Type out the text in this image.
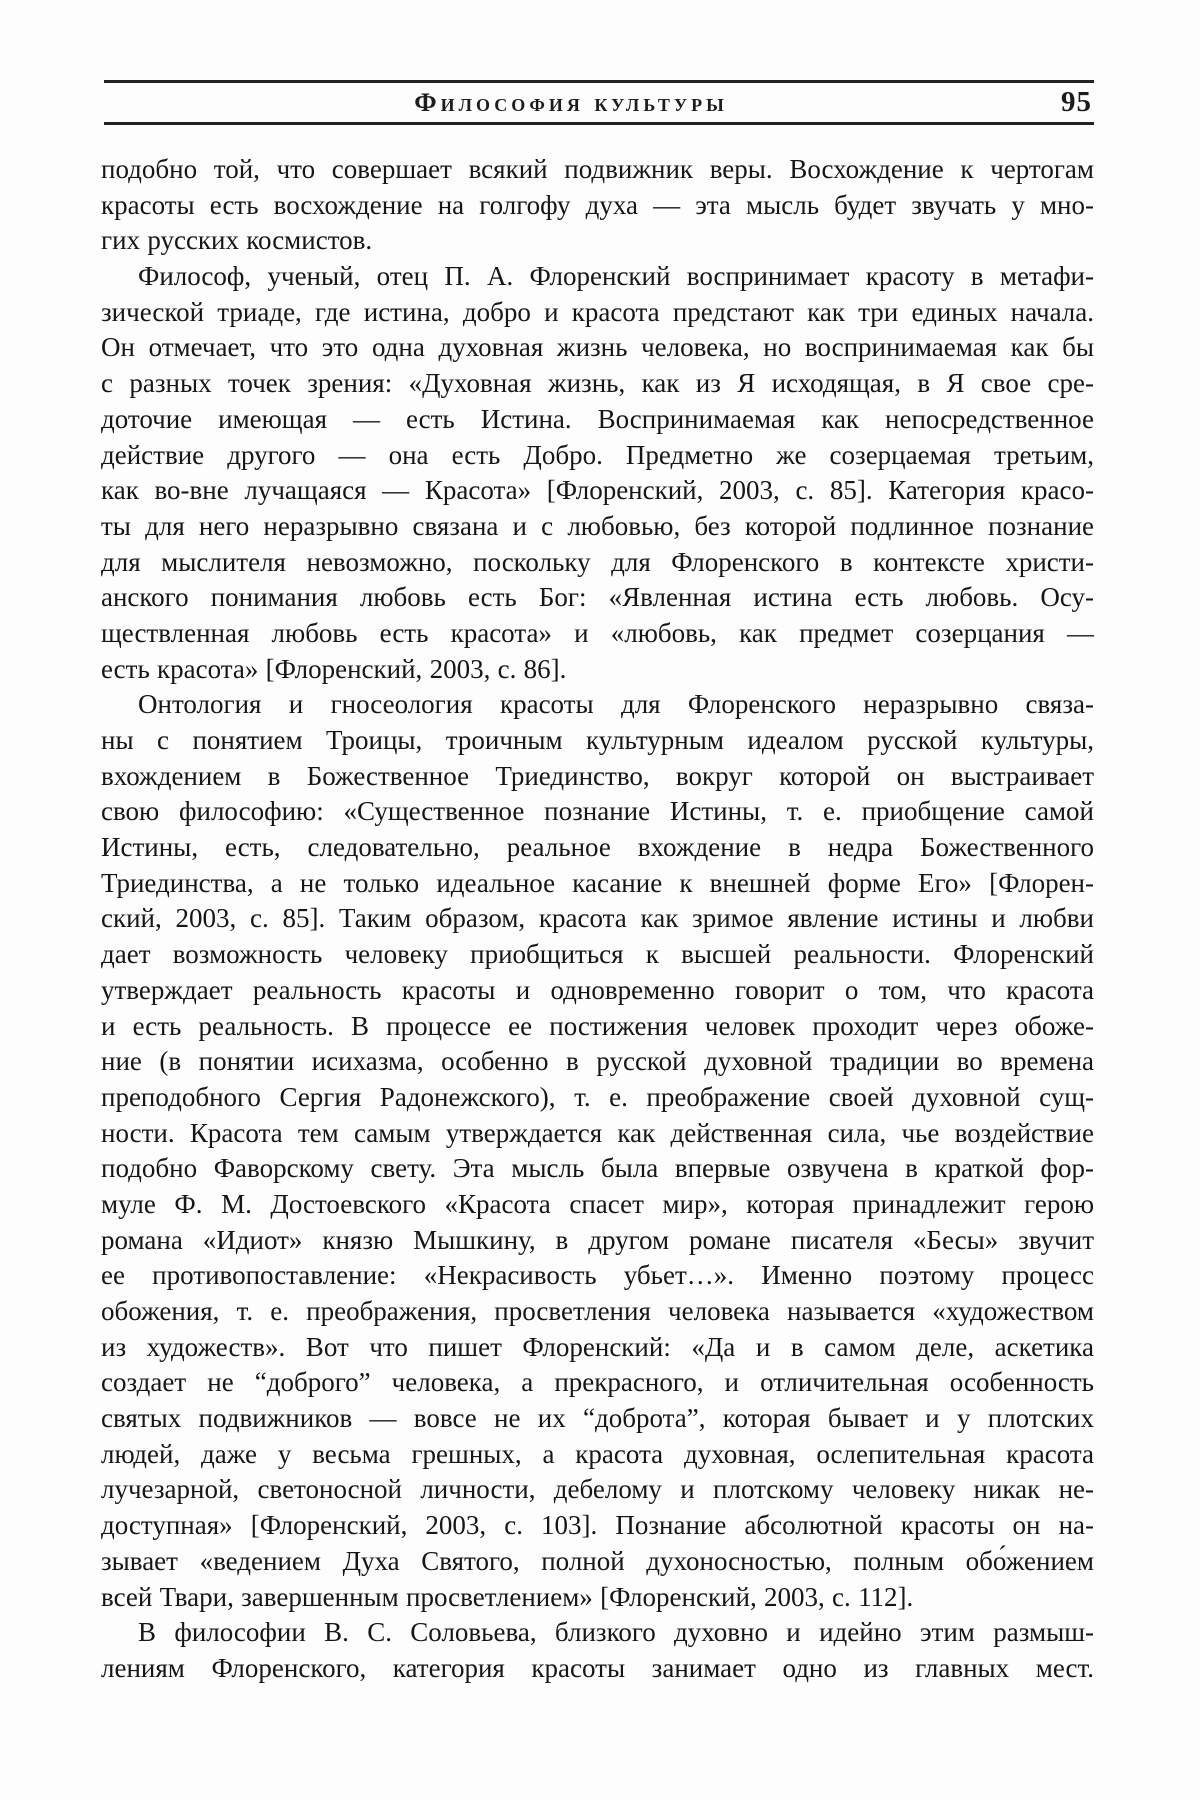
Философия культуры	95
подобно той, что совершает всякий подвижник веры. Восхождение к чертогам
красоты есть восхождение на голгофу духа — эта мысль будет звучать у мно-
гих русских космистов.
Философ, ученый, отец П. А. Флоренский воспринимает красоту в метафи-
зической триаде, где истина, добро и красота предстают как три единых начала.
Он отмечает, что это одна духовная жизнь человека, но воспринимаемая как бы
с разных точек зрения: «Духовная жизнь, как из Я исходящая, в Я свое сре-
доточие имеющая — есть Истина. Воспринимаемая как непосредственное
действие другого — она есть Добро. Предметно же созерцаемая третьим,
как во-вне лучащаяся — Красота» [Флоренский, 2003, с. 85]. Категория красо-
ты для него неразрывно связана и с любовью, без которой подлинное познание
для мыслителя невозможно, поскольку для Флоренского в контексте христи-
анского понимания любовь есть Бог: «Явленная истина есть любовь. Осу-
ществленная любовь есть красота» и «любовь, как предмет созерцания —
есть красота» [Флоренский, 2003, с. 86].
Онтология и гносеология красоты для Флоренского неразрывно связа-
ны с понятием Троицы, троичным культурным идеалом русской культуры,
вхождением в Божественное Триединство, вокруг которой он выстраивает
свою философию: «Существенное познание Истины, т. е. приобщение самой
Истины, есть, следовательно, реальное вхождение в недра Божественного
Триединства, а не только идеальное касание к внешней форме Его» [Флорен-
ский, 2003, с. 85]. Таким образом, красота как зримое явление истины и любви
дает возможность человеку приобщиться к высшей реальности. Флоренский
утверждает реальность красоты и одновременно говорит о том, что красота
и есть реальность. В процессе ее постижения человек проходит через обоже-
ние (в понятии исихазма, особенно в русской духовной традиции во времена
преподобного Сергия Радонежского), т. е. преображение своей духовной сущ-
ности. Красота тем самым утверждается как действенная сила, чье воздействие
подобно Фаворскому свету. Эта мысль была впервые озвучена в краткой фор-
муле Ф. М. Достоевского «Красота спасет мир», которая принадлежит герою
романа «Идиот» князю Мышкину, в другом романе писателя «Бесы» звучит
ее противопоставление: «Некрасивость убьет…». Именно поэтому процесс
обожения, т. е. преображения, просветления человека называется «художеством
из художеств». Вот что пишет Флоренский: «Да и в самом деле, аскетика
создает не “доброго” человека, а прекрасного, и отличительная особенность
святых подвижников — вовсе не их “доброта”, которая бывает и у плотских
людей, даже у весьма грешных, а красота духовная, ослепительная красота
лучезарной, светоносной личности, дебелому и плотскому человеку никак не-
доступная» [Флоренский, 2003, с. 103]. Познание абсолютной красоты он на-
зывает «ведением Духа Святого, полной духоносностью, полным обо́жением
всей Твари, завершенным просветлением» [Флоренский, 2003, с. 112].
В философии В. С. Соловьева, близкого духовно и идейно этим размыш-
лениям Флоренского, категория красоты занимает одно из главных мест.
